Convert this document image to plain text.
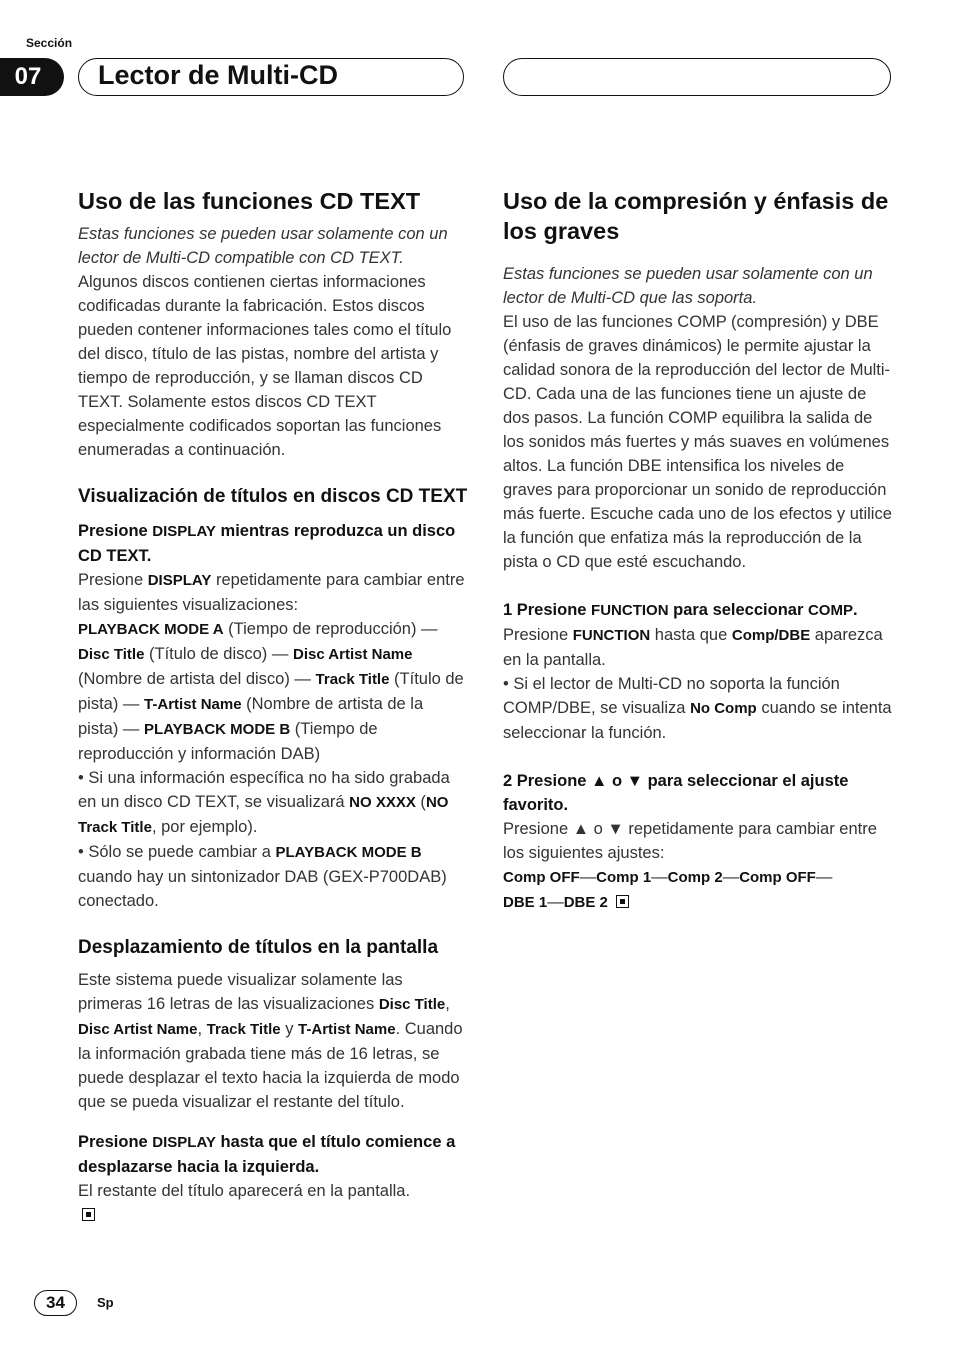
Sección
07	Lector de Multi-CD
Uso de las funciones CD TEXT

Estas funciones se pueden usar solamente con un lector de Multi-CD compatible con CD TEXT.

Algunos discos contienen ciertas informaciones codificadas durante la fabricación. Estos discos pueden contener informaciones tales como el título del disco, título de las pistas, nombre del artista y tiempo de reproducción, y se llaman discos CD TEXT. Solamente estos discos CD TEXT especialmente codificados soportan las funciones enumeradas a continuación.

Visualización de títulos en discos CD TEXT

Presione DISPLAY mientras reproduzca un disco CD TEXT.

Presione DISPLAY repetidamente para cambiar entre las siguientes visualizaciones:

PLAYBACK MODE A (Tiempo de reproducción) — Disc Title (Título de disco) — Disc Artist Name (Nombre de artista del disco) — Track Title (Título de pista) — T-Artist Name (Nombre de artista de la pista) — PLAYBACK MODE B (Tiempo de reproducción y información DAB)

• Si una información específica no ha sido grabada en un disco CD TEXT, se visualizará NO XXXX (NO Track Title, por ejemplo).

• Sólo se puede cambiar a PLAYBACK MODE B cuando hay un sintonizador DAB (GEX-P700DAB) conectado.

Desplazamiento de títulos en la pantalla

Este sistema puede visualizar solamente las primeras 16 letras de las visualizaciones Disc Title, Disc Artist Name, Track Title y T-Artist Name. Cuando la información grabada tiene más de 16 letras, se puede desplazar el texto hacia la izquierda de modo que se pueda visualizar el restante del título.

Presione DISPLAY hasta que el título comience a desplazarse hacia la izquierda.

El restante del título aparecerá en la pantalla.

Uso de la compresión y énfasis de los graves

Estas funciones se pueden usar solamente con un lector de Multi-CD que las soporta.

El uso de las funciones COMP (compresión) y DBE (énfasis de graves dinámicos) le permite ajustar la calidad sonora de la reproducción del lector de Multi-CD. Cada una de las funciones tiene un ajuste de dos pasos. La función COMP equilibra la salida de los sonidos más fuertes y más suaves en volúmenes altos. La función DBE intensifica los niveles de graves para proporcionar un sonido de reproducción más fuerte. Escuche cada uno de los efectos y utilice la función que enfatiza más la reproducción de la pista o CD que esté escuchando.

1 Presione FUNCTION para seleccionar COMP.

Presione FUNCTION hasta que Comp/DBE aparezca en la pantalla.

• Si el lector de Multi-CD no soporta la función COMP/DBE, se visualiza No Comp cuando se intenta seleccionar la función.

2 Presione ▲ o ▼ para seleccionar el ajuste favorito.

Presione ▲ o ▼ repetidamente para cambiar entre los siguientes ajustes:

Comp OFF—Comp 1—Comp 2—Comp OFF—
DBE 1—DBE 2

34	Sp
